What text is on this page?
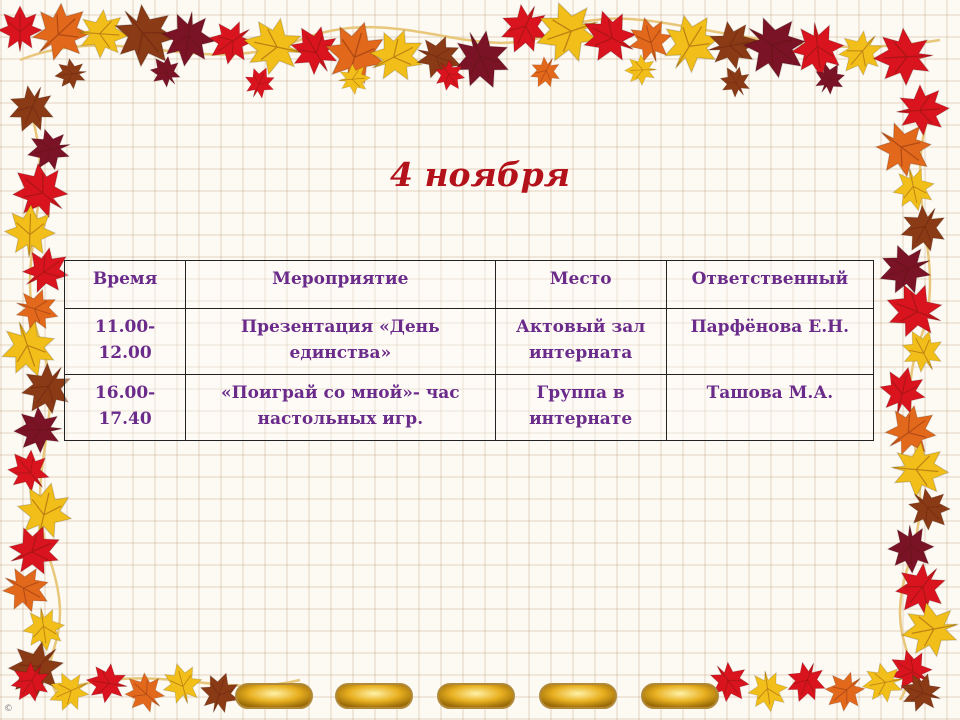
4 ноября
Время	Мероприятие	Место	Ответственный
11.00-12.00	Презентация «День единства»	Актовый зал интерната	Парфёнова Е.Н.
16.00-17.40	«Поиграй со мной»- час настольных игр.	Группа в интернате	Ташова М.А.
©
